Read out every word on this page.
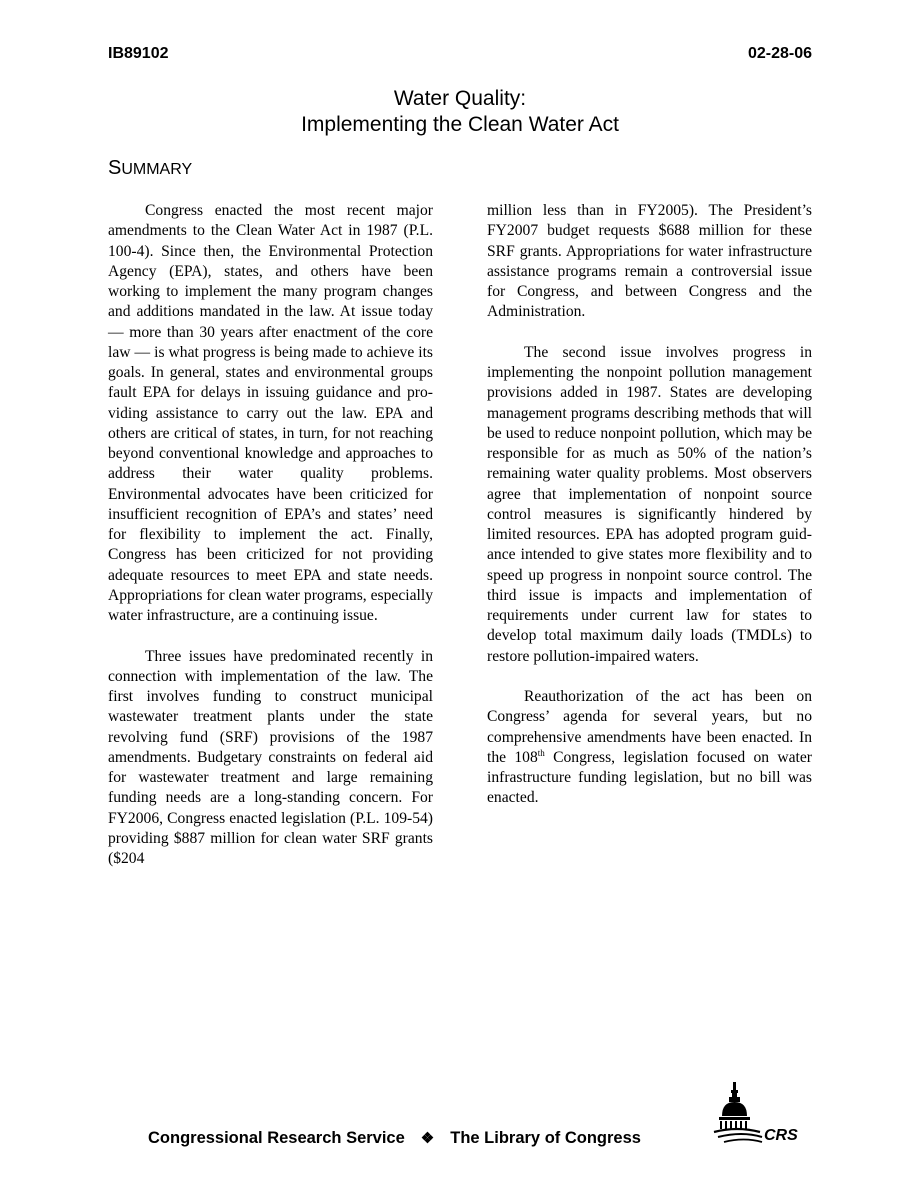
IB89102	02-28-06
Water Quality:
Implementing the Clean Water Act
SUMMARY

Congress enacted the most recent major amendments to the Clean Water Act in 1987 (P.L. 100-4). Since then, the Environmental Protection Agency (EPA), states, and others have been working to implement the many program changes and additions mandated in the law. At issue today — more than 30 years after enactment of the core law — is what progress is being made to achieve its goals. In general, states and environmental groups fault EPA for delays in issuing guidance and providing assistance to carry out the law. EPA and others are critical of states, in turn, for not reaching beyond conventional knowledge and approaches to address their water quality problems. Environmental advocates have been criticized for insufficient recognition of EPA’s and states’ need for flexibility to implement the act. Finally, Congress has been criticized for not providing adequate resources to meet EPA and state needs. Appropriations for clean water programs, especially water infrastructure, are a continuing issue.

Three issues have predominated recently in connection with implementation of the law. The first involves funding to construct municipal wastewater treatment plants under the state revolving fund (SRF) provisions of the 1987 amendments. Budgetary constraints on federal aid for wastewater treatment and large remaining funding needs are a long-standing concern. For FY2006, Congress enacted legislation (P.L. 109-54) providing $887 million for clean water SRF grants ($204

million less than in FY2005). The President’s FY2007 budget requests $688 million for these SRF grants. Appropriations for water infrastructure assistance programs remain a controversial issue for Congress, and between Congress and the Administration.

The second issue involves progress in implementing the nonpoint pollution management provisions added in 1987. States are developing management programs describing methods that will be used to reduce nonpoint pollution, which may be responsible for as much as 50% of the nation’s remaining water quality problems. Most observers agree that implementation of nonpoint source control measures is significantly hindered by limited resources. EPA has adopted program guidance intended to give states more flexibility and to speed up progress in nonpoint source control. The third issue is impacts and implementation of requirements under current law for states to develop total maximum daily loads (TMDLs) to restore pollution-impaired waters.

Reauthorization of the act has been on Congress’ agenda for several years, but no comprehensive amendments have been enacted. In the 108th Congress, legislation focused on water infrastructure funding legislation, but no bill was enacted.

Congressional Research Service ❖ The Library of Congress	CRS
